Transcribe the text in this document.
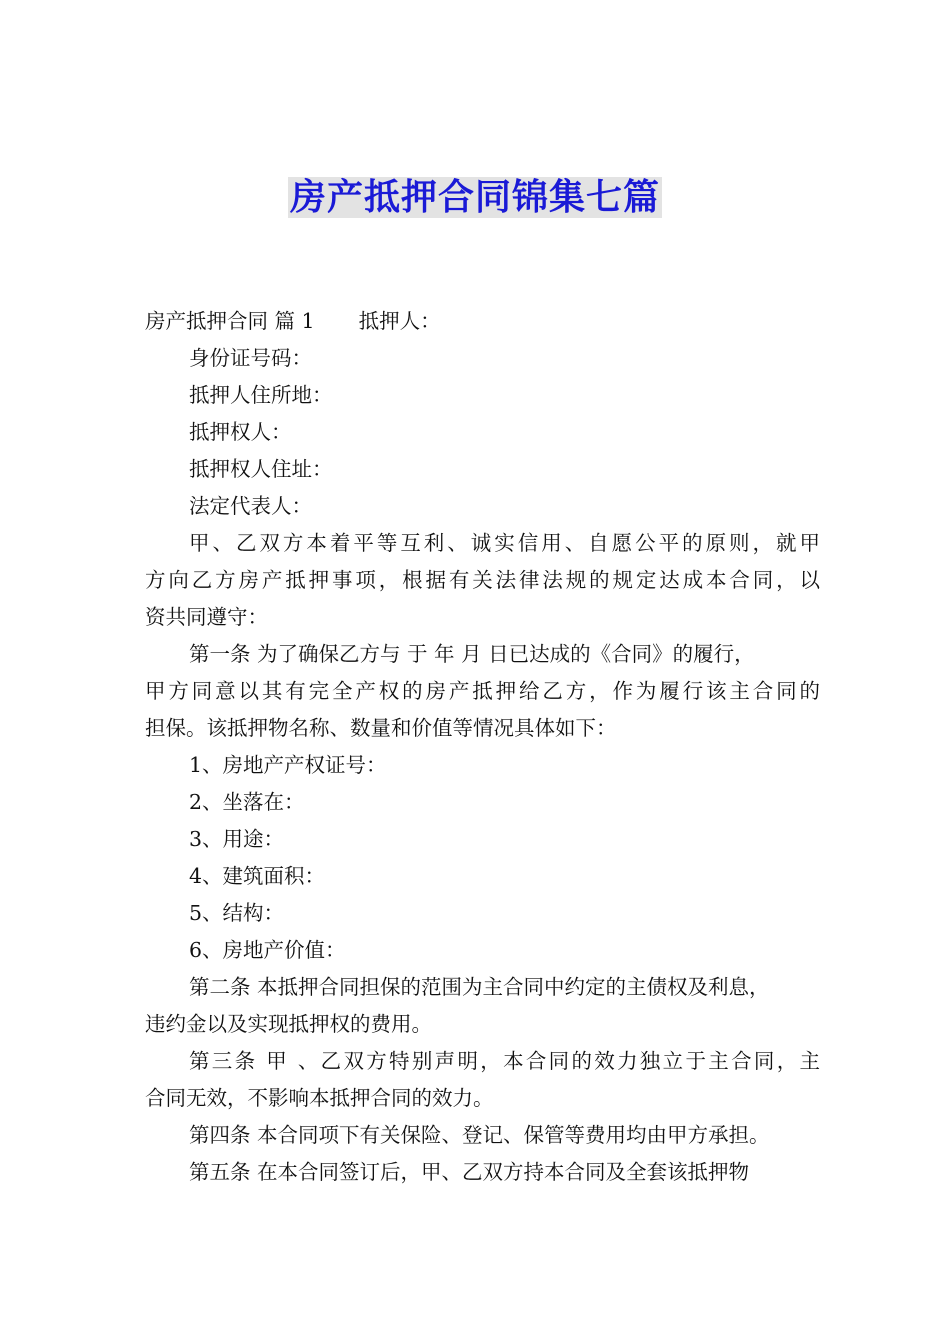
房产抵押合同锦集七篇
房产抵押合同 篇 1 抵押人：
身份证号码：
抵押人住所地：
抵押权人：
抵押权人住址：
法定代表人：
甲、乙双方本着平等互利、诚实信用、自愿公平的原则，就甲
方向乙方房产抵押事项，根据有关法律法规的规定达成本合同，以
资共同遵守：
第一条 为了确保乙方与 于 年 月 日已达成的《合同》的履行，
甲方同意以其有完全产权的房产抵押给乙方，作为履行该主合同的
担保。该抵押物名称、数量和价值等情况具体如下：
1、房地产产权证号：
2、坐落在：
3、用途：
4、建筑面积：
5、结构：
6、房地产价值：
第二条 本抵押合同担保的范围为主合同中约定的主债权及利息，
违约金以及实现抵押权的费用。
第三条 甲 、乙双方特别声明，本合同的效力独立于主合同，主
合同无效，不影响本抵押合同的效力。
第四条 本合同项下有关保险、登记、保管等费用均由甲方承担。
第五条 在本合同签订后，甲、乙双方持本合同及全套该抵押物
